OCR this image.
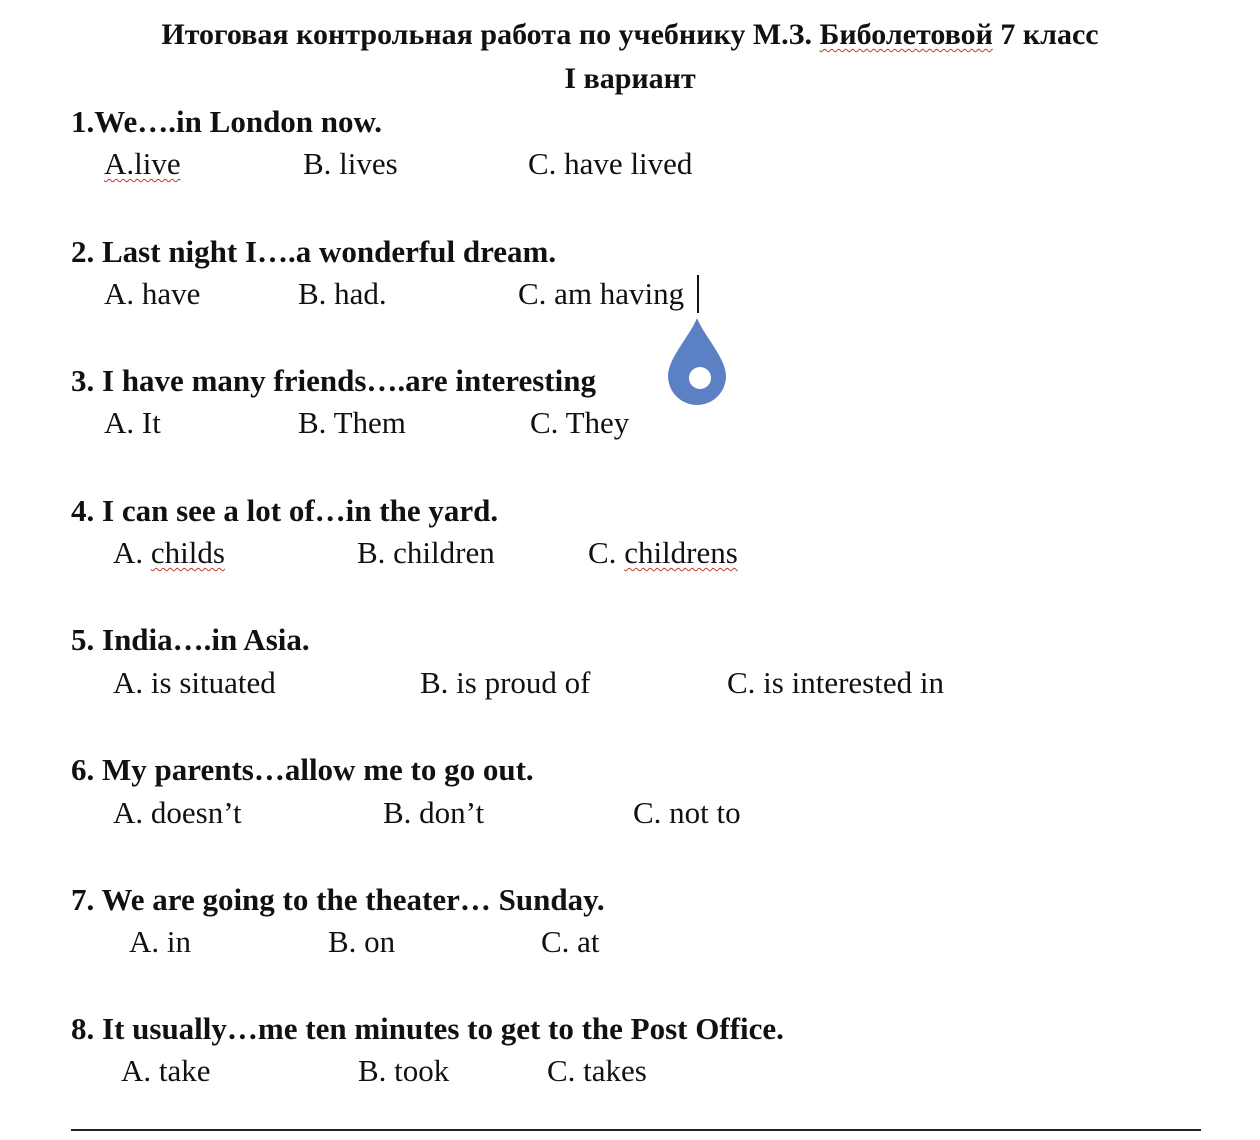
Итоговая контрольная работа по учебнику М.З. Биболетовой 7 класс
I вариант
1.We….in London now.
A.live	B. lives	C. have lived
2. Last night I….a wonderful dream.
A. have	B. had.	C. am having
3. I have many friends….are interesting
A. It	B. Them	C. They
4. I can see a lot of…in the yard.
A. childs	B. children	C. childrens
5. India….in Asia.
A. is situated	B. is proud of	C. is interested in
6. My parents…allow me to go out.
A. doesn’t	B. don’t	C. not to
7. We are going to the theater… Sunday.
A. in	B. on	C. at
8. It usually…me ten minutes to get to the Post Office.
A. take	B. took	C. takes
